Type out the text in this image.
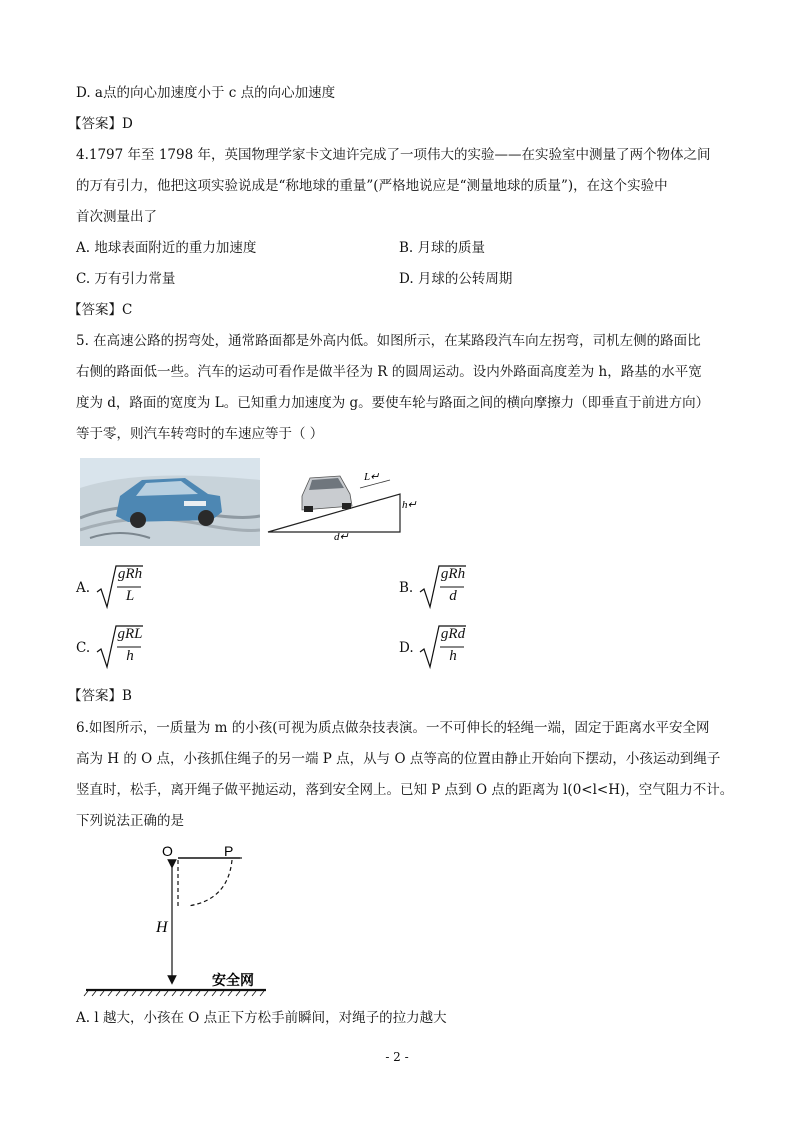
D. a点的向心加速度小于 c 点的向心加速度
【答案】D
4.1797 年至 1798 年，英国物理学家卡文迪许完成了一项伟大的实验——在实验室中测量了两个物体之间
的万有引力，他把这项实验说成是“称地球的重量”(严格地说应是“测量地球的质量”)，在这个实验中
首次测量出了
A. 地球表面附近的重力加速度	B. 月球的质量
C. 万有引力常量	D. 月球的公转周期
【答案】C
5. 在高速公路的拐弯处，通常路面都是外高内低。如图所示，在某路段汽车向左拐弯，司机左侧的路面比
右侧的路面低一些。汽车的运动可看作是做半径为 R 的圆周运动。设内外路面高度差为 h，路基的水平宽
度为 d，路面的宽度为 L。已知重力加速度为 g。要使车轮与路面之间的横向摩擦力（即垂直于前进方向）
等于零，则汽车转弯时的车速应等于（ ）
L↵
h↵
d↵
A.
gRh
L	B.
gRh
d
C.
gRL
h	D.
gRd
h
【答案】B
6.如图所示，一质量为 m 的小孩(可视为质点做杂技表演。一不可伸长的轻绳一端，固定于距离水平安全网
高为 H 的 O 点，小孩抓住绳子的另一端 P 点，从与 O 点等高的位置由静止开始向下摆动，小孩运动到绳子
竖直时，松手，离开绳子做平抛运动，落到安全网上。已知 P 点到 O 点的距离为 l(0<l<H)，空气阻力不计。
下列说法正确的是
O	P
H
安全网
A. l 越大，小孩在 O 点正下方松手前瞬间，对绳子的拉力越大
- 2 -
